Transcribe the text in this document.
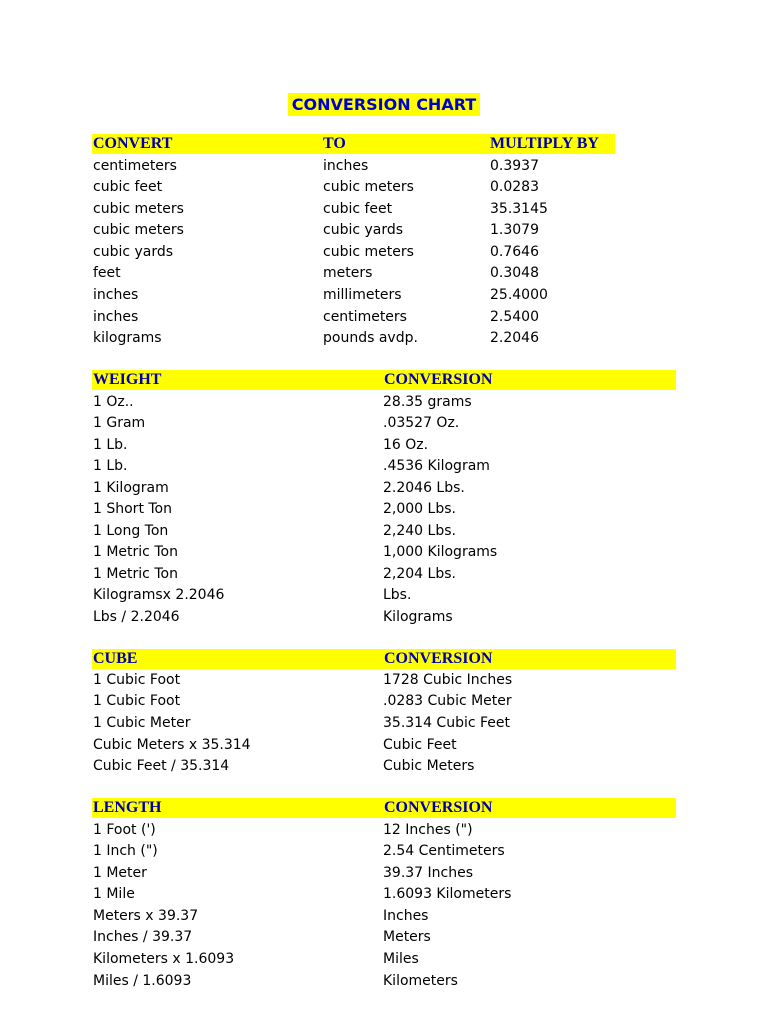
CONVERSION CHART
CONVERT	TO	MULTIPLY BY
centimeters	inches	0.3937
cubic feet	cubic meters	0.0283
cubic meters	cubic feet	35.3145
cubic meters	cubic yards	1.3079
cubic yards	cubic meters	0.7646
feet	meters	0.3048
inches	millimeters	25.4000
inches	centimeters	2.5400
kilograms	pounds avdp.	2.2046
WEIGHT	CONVERSION
1 Oz..	28.35 grams
1 Gram	.03527 Oz.
1 Lb.	16 Oz.
1 Lb.	.4536 Kilogram
1 Kilogram	2.2046 Lbs.
1 Short Ton	2,000 Lbs.
1 Long Ton	2,240 Lbs.
1 Metric Ton	1,000 Kilograms
1 Metric Ton	2,204 Lbs.
Kilogramsx 2.2046	Lbs.
Lbs / 2.2046	Kilograms
CUBE	CONVERSION
1 Cubic Foot	1728 Cubic Inches
1 Cubic Foot	.0283 Cubic Meter
1 Cubic Meter	35.314 Cubic Feet
Cubic Meters x 35.314	Cubic Feet
Cubic Feet / 35.314	Cubic Meters
LENGTH	CONVERSION
1 Foot (')	12 Inches (")
1 Inch (")	2.54 Centimeters
1 Meter	39.37 Inches
1 Mile	1.6093 Kilometers
Meters x 39.37	Inches
Inches / 39.37	Meters
Kilometers x 1.6093	Miles
Miles / 1.6093	Kilometers
